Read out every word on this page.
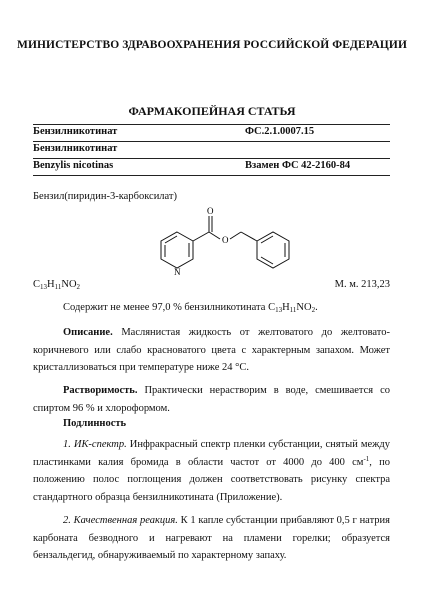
МИНИСТЕРСТВО ЗДРАВООХРАНЕНИЯ РОССИЙСКОЙ ФЕДЕРАЦИИ
ФАРМАКОПЕЙНАЯ СТАТЬЯ
Бензилникотинат	ФС.2.1.0007.15
Бензилникотинат
Benzylis nicotinas	Взамен ФС 42-2160-84
Бензил(пиридин-3-карбоксилат)
N
O
O
$C_{13}H_{11}NO_2$	М. м. 213,23
Содержит не менее 97,0 % бензилникотината $C_{13}H_{11}NO_2$.
Описание. Маслянистая жидкость от желтоватого до желтовато-коричневого или слабо красноватого цвета с характерным запахом. Может кристаллизоваться при температуре ниже 24 °С.
Растворимость. Практически нерастворим в воде, смешивается со спиртом 96 % и хлороформом.
Подлинность
1. ИК-спектр. Инфракрасный спектр пленки субстанции, снятый между пластинками калия бромида в области частот от 4000 до 400 $см^{-1}$, по положению полос поглощения должен соответствовать рисунку спектра стандартного образца бензилникотината (Приложение).
2. Качественная реакция. К 1 капле субстанции прибавляют 0,5 г натрия карбоната безводного и нагревают на пламени горелки; образуется бензальдегид, обнаруживаемый по характерному запаху.
